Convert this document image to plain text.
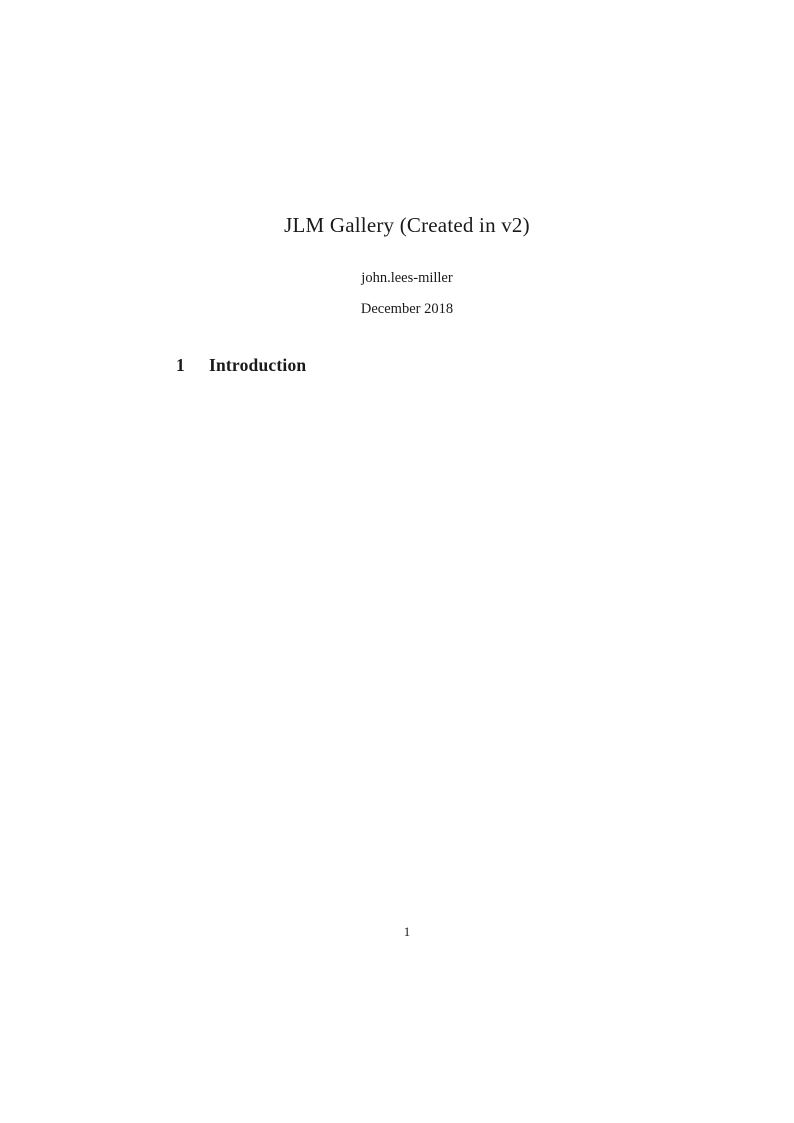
JLM Gallery (Created in v2)
john.lees-miller
December 2018
1 Introduction
1
